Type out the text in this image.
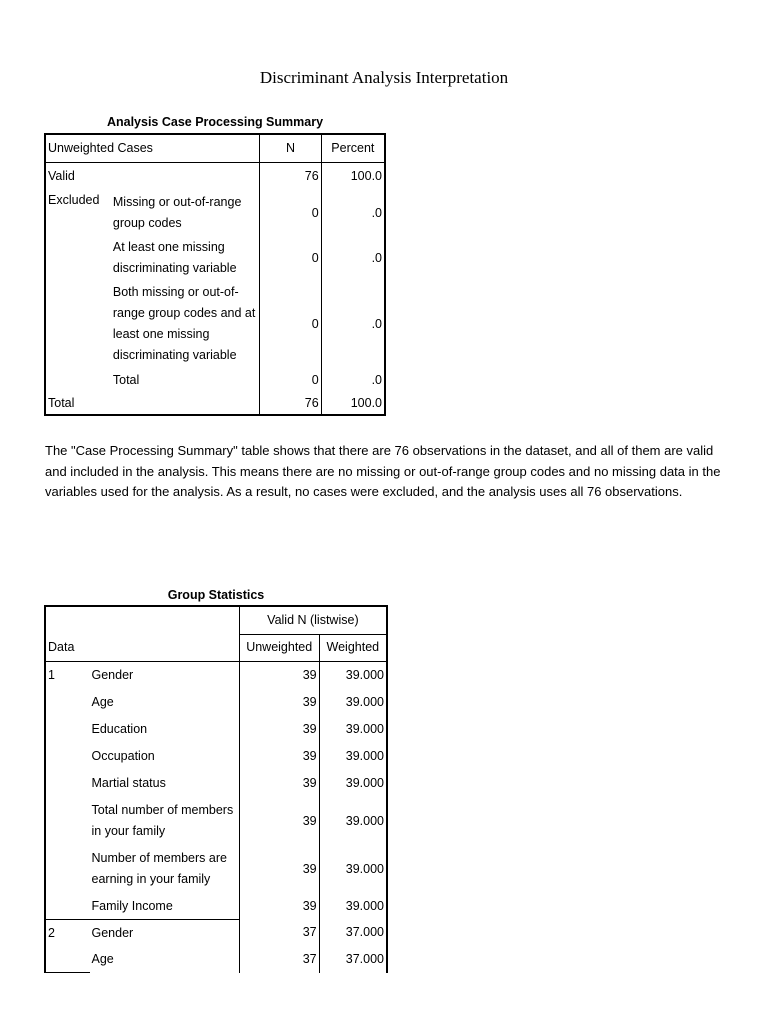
Discriminant Analysis Interpretation
Analysis Case Processing Summary
Unweighted Cases		N	Percent
Valid		76	100.0
Excluded	Missing or out-of-range group codes	0	.0
	At least one missing discriminating variable	0	.0
	Both missing or out-of-range group codes and at least one missing discriminating variable	0	.0
	Total	0	.0
Total		76	100.0
The "Case Processing Summary" table shows that there are 76 observations in the dataset, and all of them are valid and included in the analysis. This means there are no missing or out-of-range group codes and no missing data in the variables used for the analysis. As a result, no cases were excluded, and the analysis uses all 76 observations.
Group Statistics
		Valid N (listwise)	
Data		Unweighted	Weighted
1	Gender	39	39.000
	Age	39	39.000
	Education	39	39.000
	Occupation	39	39.000
	Martial status	39	39.000
	Total number of members in your family	39	39.000
	Number of members are earning in your family	39	39.000
	Family Income	39	39.000
2	Gender	37	37.000
	Age	37	37.000
